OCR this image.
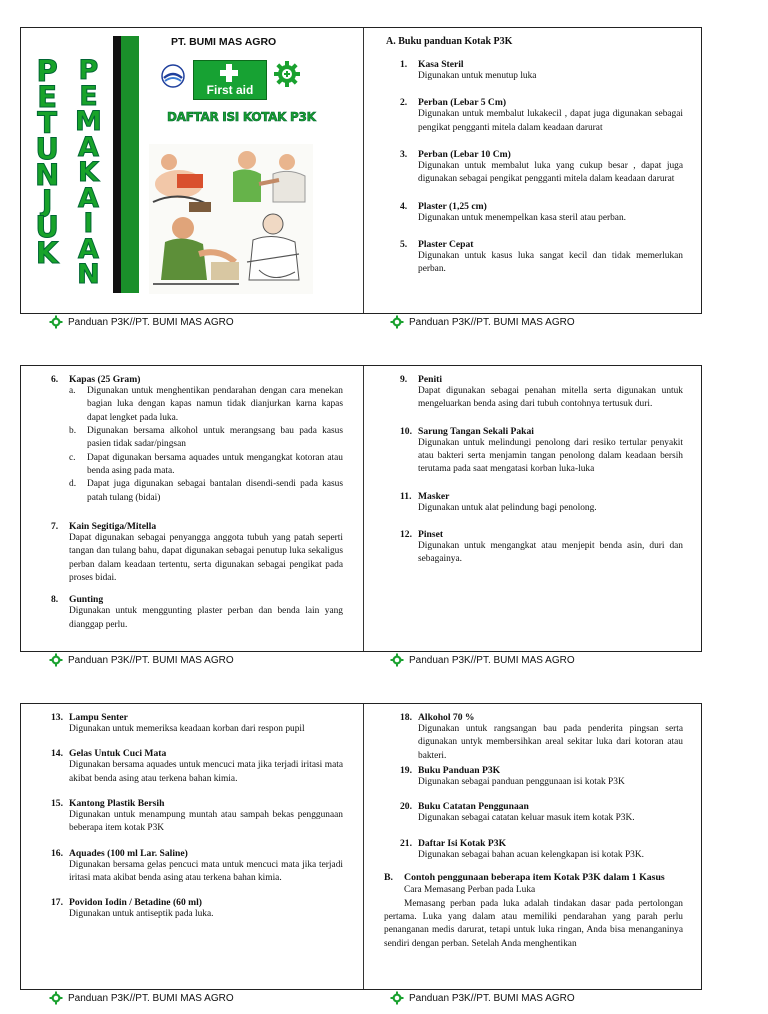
P
E
T
U
N
J
U
K
P
E
M
A
K
A
I
A
N
PT. BUMI MAS AGRO
First aid
DAFTAR ISI KOTAK P3K
A. Buku panduan Kotak P3K
1. Kasa Steril
Digunakan untuk menutup luka
2. Perban (Lebar 5 Cm)
Digunakan untuk membalut lukakecil , dapat juga digunakan sebagai pengikat pengganti mitela dalam keadaan darurat
3. Perban (Lebar 10 Cm)
Digunakan untuk membalut luka yang cukup besar , dapat juga digunakan sebagai pengikat pengganti mitela dalam keadaan darurat
4. Plaster (1,25 cm)
Digunakan untuk menempelkan kasa steril atau perban.
5. Plaster Cepat
Digunakan untuk kasus luka sangat kecil dan tidak memerlukan perban.
Panduan P3K//PT. BUMI MAS AGRO	Panduan P3K//PT. BUMI MAS AGRO
6. Kapas (25 Gram)
a.	Digunakan untuk menghentikan pendarahan dengan cara menekan bagian luka dengan kapas namun tidak dianjurkan karna kapas dapat lengket pada luka.
b.	Digunakan bersama alkohol untuk merangsang bau pada kasus pasien tidak sadar/pingsan
c.	Dapat digunakan bersama aquades untuk mengangkat kotoran atau benda asing pada mata.
d.	Dapat juga digunakan sebagai bantalan disendi-sendi pada kasus patah tulang (bidai)
7. Kain Segitiga/Mitella
Dapat digunakan sebagai penyangga anggota tubuh yang patah seperti tangan dan tulang bahu, dapat digunakan sebagai penutup luka sekaligus perban dalam keadaan tertentu, serta digunakan sebagai pengikat pada proses bidai.
8. Gunting
Digunakan untuk menggunting plaster perban dan benda lain yang dianggap perlu.
9. Peniti
Dapat digunakan sebagai penahan mitella serta digunakan untuk mengeluarkan benda asing dari tubuh contohnya tertusuk duri.
10. Sarung Tangan Sekali Pakai
Digunakan untuk melindungi penolong dari resiko tertular penyakit atau bakteri serta menjamin tangan penolong dalam keadaan bersih terutama pada saat mengatasi korban luka-luka
11. Masker
Digunakan untuk alat pelindung bagi penolong.
12. Pinset
Digunakan untuk mengangkat atau menjepit benda asin, duri dan sebagainya.
Panduan P3K//PT. BUMI MAS AGRO	Panduan P3K//PT. BUMI MAS AGRO
13. Lampu Senter
Digunakan untuk memeriksa keadaan korban dari respon pupil
14. Gelas Untuk Cuci Mata
Digunakan bersama aquades untuk mencuci mata jika terjadi iritasi mata akibat benda asing atau terkena bahan kimia.
15. Kantong Plastik Bersih
Digunakan untuk menampung muntah atau sampah bekas penggunaan beberapa item kotak P3K
16. Aquades (100 ml Lar. Saline)
Digunakan bersama gelas pencuci mata untuk mencuci mata jika terjadi iritasi mata akibat benda asing atau terkena bahan kimia.
17. Povidon Iodin / Betadine (60 ml)
Digunakan untuk antiseptik pada luka.
18. Alkohol 70 %
Digunakan untuk rangsangan bau pada penderita pingsan serta digunakan untyk membersihkan areal sekitar luka dari kotoran atau bakteri.
19. Buku Panduan P3K
Digunakan sebagai panduan penggunaan isi kotak P3K
20. Buku Catatan Penggunaan
Digunakan sebagai catatan keluar masuk item kotak P3K.
21. Daftar Isi Kotak P3K
Digunakan sebagai bahan acuan kelengkapan isi kotak P3K.
B.	Contoh penggunaan beberapa item Kotak P3K dalam 1 Kasus
Cara Memasang Perban pada Luka
Memasang perban pada luka adalah tindakan dasar pada pertolongan pertama. Luka yang dalam atau memiliki pendarahan yang parah perlu penanganan medis darurat, tetapi untuk luka ringan, Anda bisa menanganinya sendiri dengan perban. Setelah Anda menghentikan
Panduan P3K//PT. BUMI MAS AGRO	Panduan P3K//PT. BUMI MAS AGRO
